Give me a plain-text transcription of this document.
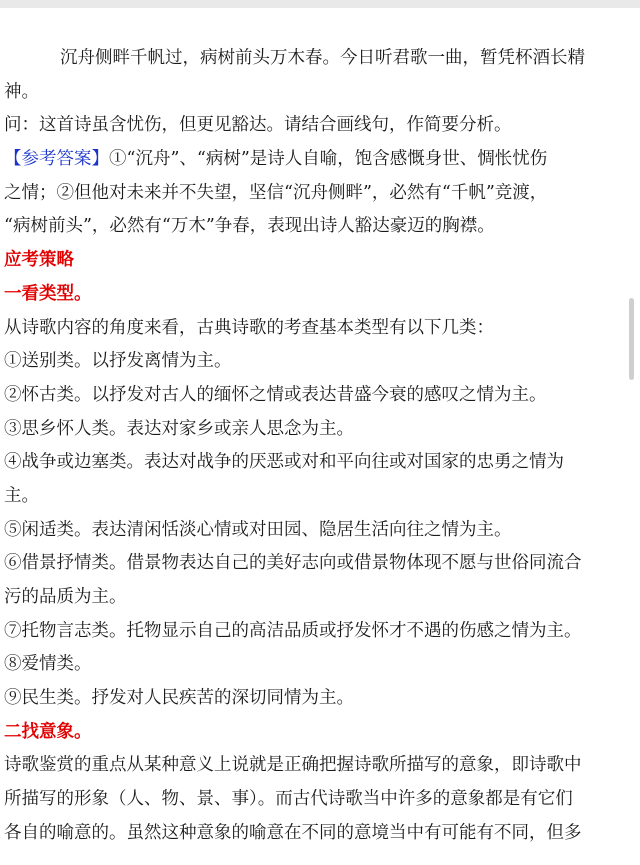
沉舟侧畔千帆过，病树前头万木春。今日听君歌一曲，暂凭杯酒长精
神。
问：这首诗虽含忧伤，但更见豁达。请结合画线句，作简要分析。
【参考答案】①“沉舟”、“病树”是诗人自喻，饱含感慨身世、惆怅忧伤
之情；②但他对未来并不失望，坚信“沉舟侧畔”，必然有“千帆”竞渡，
“病树前头”，必然有“万木”争春，表现出诗人豁达豪迈的胸襟。
应考策略
一看类型。
从诗歌内容的角度来看，古典诗歌的考查基本类型有以下几类：
①送别类。以抒发离情为主。
②怀古类。以抒发对古人的缅怀之情或表达昔盛今衰的感叹之情为主。
③思乡怀人类。表达对家乡或亲人思念为主。
④战争或边塞类。表达对战争的厌恶或对和平向往或对国家的忠勇之情为
主。
⑤闲适类。表达清闲恬淡心情或对田园、隐居生活向往之情为主。
⑥借景抒情类。借景物表达自己的美好志向或借景物体现不愿与世俗同流合
污的品质为主。
⑦托物言志类。托物显示自己的高洁品质或抒发怀才不遇的伤感之情为主。
⑧爱情类。
⑨民生类。抒发对人民疾苦的深切同情为主。
二找意象。
诗歌鉴赏的重点从某种意义上说就是正确把握诗歌所描写的意象，即诗歌中
所描写的形象（人、物、景、事）。而古代诗歌当中许多的意象都是有它们
各自的喻意的。虽然这种意象的喻意在不同的意境当中有可能有不同，但多
